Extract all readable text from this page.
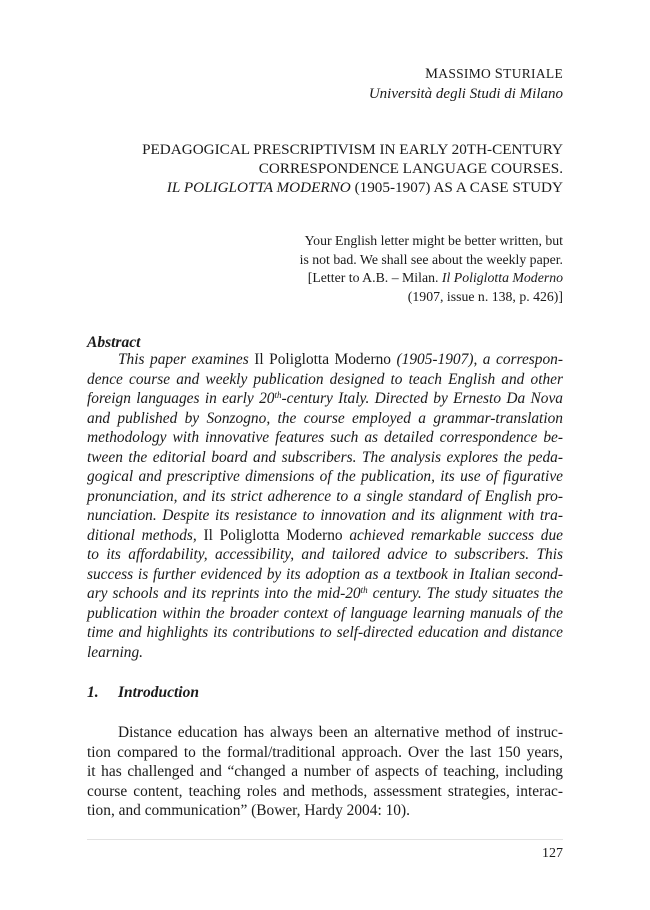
MASSIMO STURIALE
Università degli Studi di Milano
PEDAGOGICAL PRESCRIPTIVISM IN EARLY 20TH-CENTURY
CORRESPONDENCE LANGUAGE COURSES.
IL POLIGLOTTA MODERNO (1905-1907) AS A CASE STUDY
Your English letter might be better written, but
is not bad. We shall see about the weekly paper.
[Letter to A.B. – Milan. Il Poliglotta Moderno
(1907, issue n. 138, p. 426)]
Abstract
This paper examines Il Poliglotta Moderno (1905-1907), a correspon-
dence course and weekly publication designed to teach English and other
foreign languages in early 20th-century Italy. Directed by Ernesto Da Nova
and published by Sonzogno, the course employed a grammar-translation
methodology with innovative features such as detailed correspondence be-
tween the editorial board and subscribers. The analysis explores the peda-
gogical and prescriptive dimensions of the publication, its use of figurative
pronunciation, and its strict adherence to a single standard of English pro-
nunciation. Despite its resistance to innovation and its alignment with tra-
ditional methods, Il Poliglotta Moderno achieved remarkable success due
to its affordability, accessibility, and tailored advice to subscribers. This
success is further evidenced by its adoption as a textbook in Italian second-
ary schools and its reprints into the mid-20th century. The study situates the
publication within the broader context of language learning manuals of the
time and highlights its contributions to self-directed education and distance
learning.
1. Introduction
Distance education has always been an alternative method of instruc-
tion compared to the formal/traditional approach. Over the last 150 years,
it has challenged and “changed a number of aspects of teaching, including
course content, teaching roles and methods, assessment strategies, interac-
tion, and communication” (Bower, Hardy 2004: 10).
127
